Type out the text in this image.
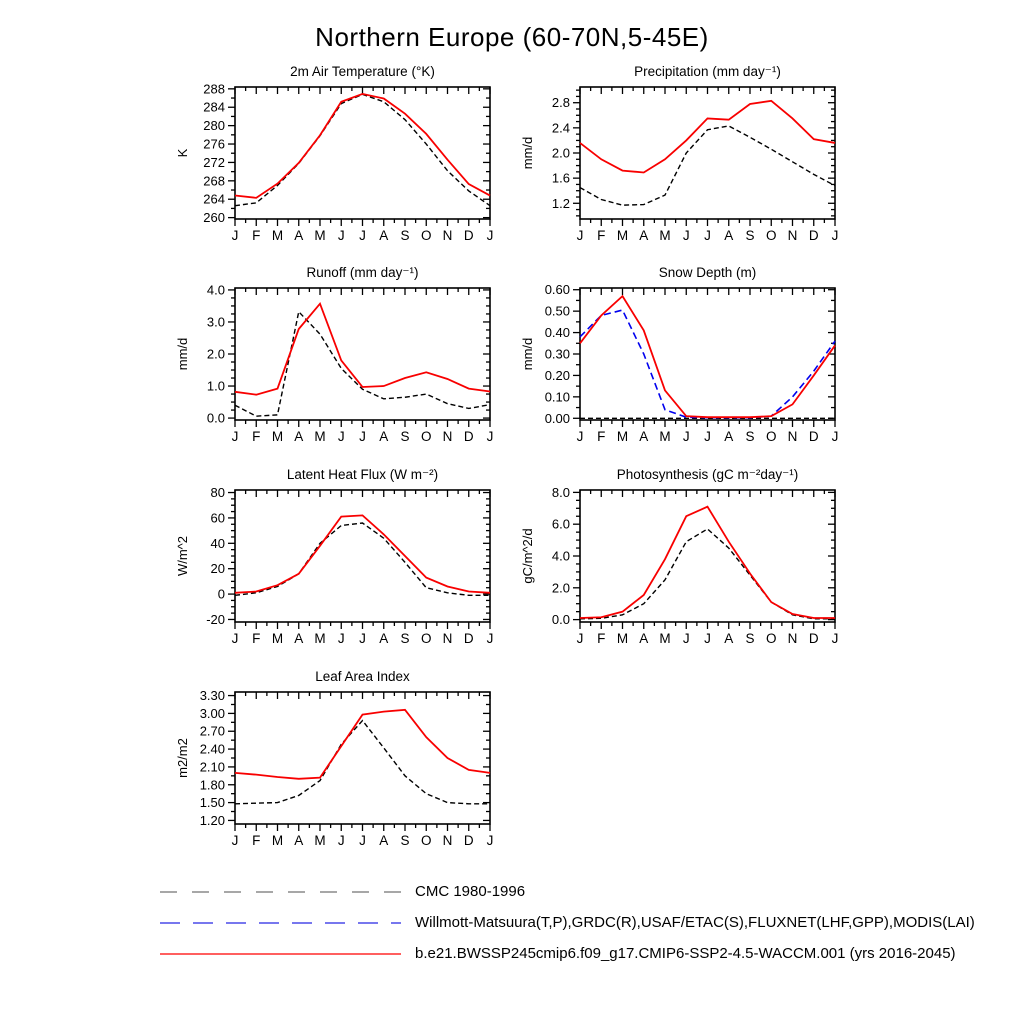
Northern Europe (60-70N,5-45E)
2m Air Temperature (°K)
K
260
264
268
272
276
280
284
288
J F M A M J J A S O N D J
Precipitation (mm day⁻¹)
mm/d
1.2
1.6
2.0
2.4
2.8
J F M A M J J A S O N D J
Runoff (mm day⁻¹)
mm/d
0.0
1.0
2.0
3.0
4.0
J F M A M J J A S O N D J
Snow Depth (m)
mm/d
0.00
0.10
0.20
0.30
0.40
0.50
0.60
J F M A M J J A S O N D J
Latent Heat Flux (W m⁻²)
W/m^2
-20
0
20
40
60
80
J F M A M J J A S O N D J
Photosynthesis (gC m⁻²day⁻¹)
gC/m^2/d
0.0
2.0
4.0
6.0
8.0
J F M A M J J A S O N D J
Leaf Area Index
m2/m2
1.20
1.50
1.80
2.10
2.40
2.70
3.00
3.30
J F M A M J J A S O N D J
CMC 1980-1996
Willmott-Matsuura(T,P),GRDC(R),USAF/ETAC(S),FLUXNET(LHF,GPP),MODIS(LAI)
b.e21.BWSSP245cmip6.f09_g17.CMIP6-SSP2-4.5-WACCM.001 (yrs 2016-2045)
